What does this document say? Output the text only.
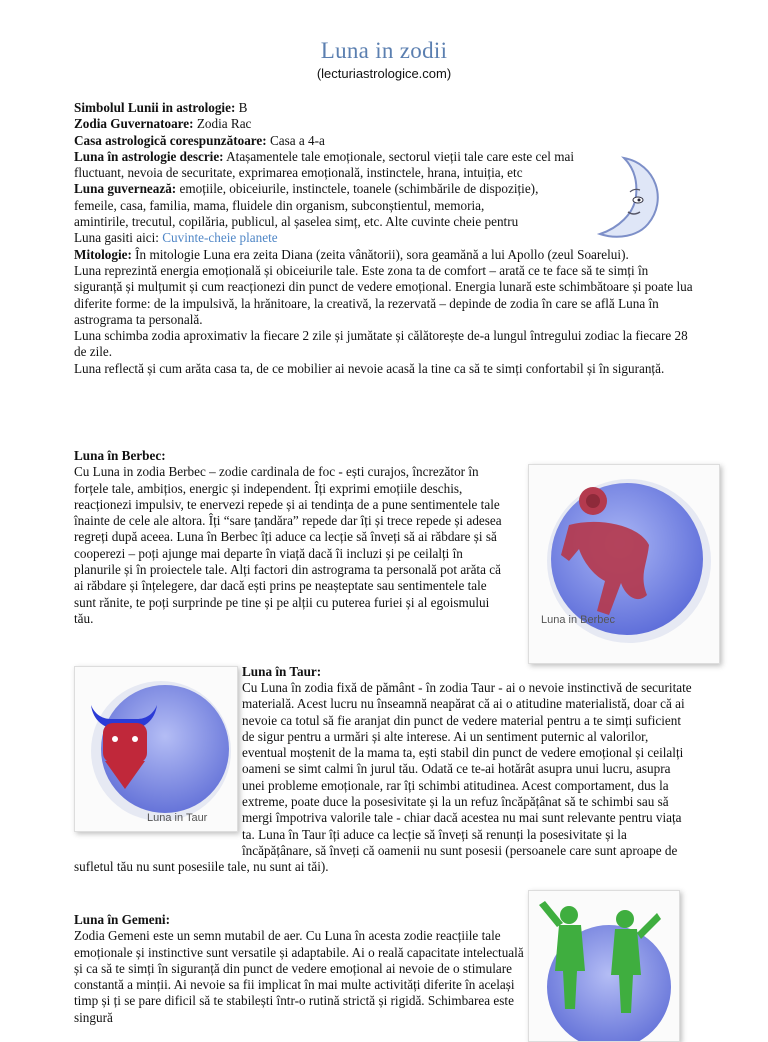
Luna in zodii
(lecturiastrologice.com)

Simbolul Lunii in astrologie: B

Zodia Guvernatoare: Zodia Rac

Casa astrologică corespunzătoare: Casa a 4-a

Luna în astrologie descrie: Atașamentele tale emoționale, sectorul vieții tale care este cel mai fluctuant, nevoia de securitate, exprimarea emoțională, instinctele, hrana, intuiția, etc

Luna guvernează: emoțiile, obiceiurile, instinctele, toanele (schimbările de dispoziție), femeile, casa, familia, mama, fluidele din organism, subconștientul, memoria, amintirile, trecutul, copilăria, publicul, al șaselea simț, etc. Alte cuvinte cheie pentru Luna gasiti aici: Cuvinte-cheie planete

Mitologie: În mitologie Luna era zeita Diana (zeita vânătorii), sora geamănă a lui Apollo (zeul Soarelui).

Luna reprezintă energia emoțională și obiceiurile tale. Este zona ta de comfort – arată ce te face să te simți în siguranță și mulțumit și cum reacționezi din punct de vedere emoțional. Energia lunară este schimbătoare și poate lua diferite forme: de la impulsivă, la hrănitoare, la creativă, la rezervată – depinde de zodia în care se află Luna în astrograma ta personală.

Luna schimba zodia aproximativ la fiecare 2 zile și jumătate și călătorește de-a lungul întregului zodiac la fiecare 28 de zile.

Luna reflectă și cum arăta casa ta, de ce mobilier ai nevoie acasă la tine ca să te simți confortabil și în siguranță.

Luna în Berbec:

Cu Luna in zodia Berbec – zodie cardinala de foc - ești curajos, încrezător în forțele tale, ambițios, energic și independent. Îți exprimi emoțiile deschis, reacționezi impulsiv, te enervezi repede și ai tendința de a pune sentimentele tale înainte de cele ale altora. Îți “sare țandăra” repede dar îți și trece repede și adesea regreți după aceea. Luna în Berbec îți aduce ca lecție să înveți să ai răbdare și să cooperezi – poți ajunge mai departe în viață dacă îi incluzi și pe ceilalți în planurile și în proiectele tale. Alți factori din astrograma ta personală pot arăta că ai răbdare și înțelegere, dar dacă ești prins pe neașteptate sau sentimentele tale sunt rănite, te poți surprinde pe tine și pe alții cu puterea furiei și al egoismului tău.	Luna in Berbec
Luna in Taur

Luna în Taur:

Cu Luna în zodia fixă de pământ - în zodia Taur - ai o nevoie instinctivă de securitate materială. Acest lucru nu înseamnă neapărat că ai o atitudine materialistă, doar că ai nevoie ca totul să fie aranjat din punct de vedere material pentru a te simți suficient de sigur pentru a urmări și alte interese. Ai un sentiment puternic al valorilor, eventual moștenit de la mama ta, ești stabil din punct de vedere emoțional și ceilalți oameni se simt calmi în jurul tău. Odată ce te-ai hotărât asupra unui lucru, asupra unei probleme emoționale, rar îți schimbi atitudinea. Acest comportament, dus la extreme, poate duce la posesivitate și la un refuz încăpățânat să te schimbi sau să mergi împotriva valorile tale - chiar dacă acestea nu mai sunt relevante pentru viața ta. Luna în Taur îți aduce ca lecție să înveți să renunți la posesivitate și la încăpățânare, să înveți că oamenii nu sunt posesii (persoanele care sunt aproape de sufletul tău nu sunt posesiile tale, nu sunt ai tăi).

Luna în Gemeni:

Zodia Gemeni este un semn mutabil de aer. Cu Luna în acesta zodie reacțiile tale emoționale și instinctive sunt versatile și adaptabile. Ai o reală capacitate intelectuală și ca să te simți în siguranță din punct de vedere emoțional ai nevoie de o stimulare constantă a minții. Ai nevoie sa fii implicat în mai multe activități diferite în același timp și ți se pare dificil să te stabilești într-o rutină strictă și rigidă. Schimbarea este singură
